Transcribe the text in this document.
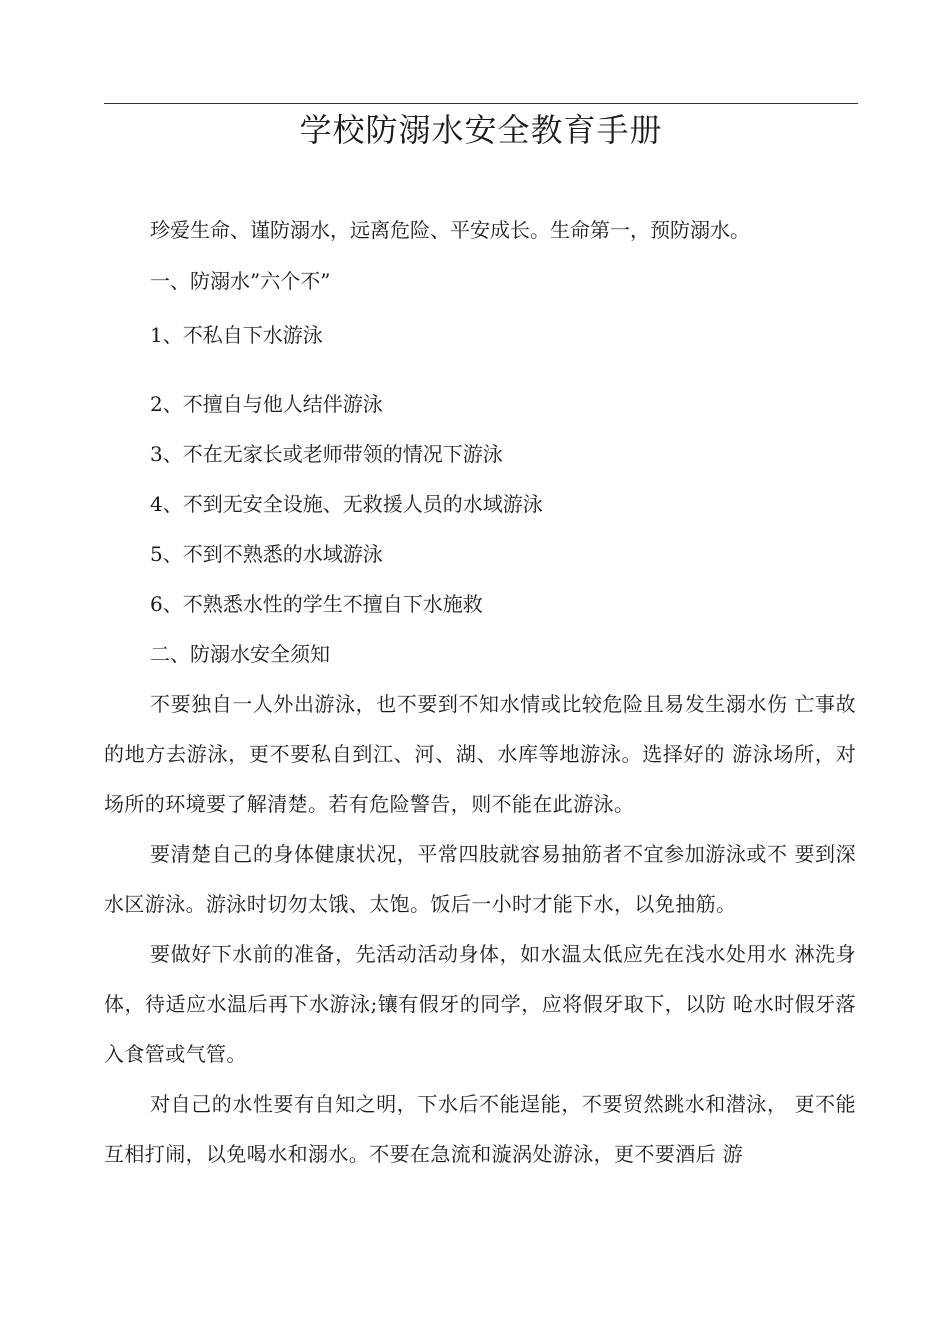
学校防溺水安全教育手册

珍爱生命、谨防溺水，远离危险、平安成长。生命第一，预防溺水。

一、防溺水”六个不”

1、不私自下水游泳

2、不擅自与他人结伴游泳

3、不在无家长或老师带领的情况下游泳

4、不到无安全设施、无救援人员的水域游泳

5、不到不熟悉的水域游泳

6、不熟悉水性的学生不擅自下水施救

二、防溺水安全须知

不要独自一人外出游泳，也不要到不知水情或比较危险且易发生溺水伤 亡事故的地方去游泳，更不要私自到江、河、湖、水库等地游泳。选择好的 游泳场所，对场所的环境要了解清楚。若有危险警告，则不能在此游泳。

要清楚自己的身体健康状况，平常四肢就容易抽筋者不宜参加游泳或不 要到深水区游泳。游泳时切勿太饿、太饱。饭后一小时才能下水，以免抽筋。

要做好下水前的准备，先活动活动身体，如水温太低应先在浅水处用水 淋洗身体，待适应水温后再下水游泳;镶有假牙的同学，应将假牙取下，以防 呛水时假牙落入食管或气管。

对自己的水性要有自知之明，下水后不能逞能，不要贸然跳水和潜泳， 更不能互相打闹，以免喝水和溺水。不要在急流和漩涡处游泳，更不要酒后 游
